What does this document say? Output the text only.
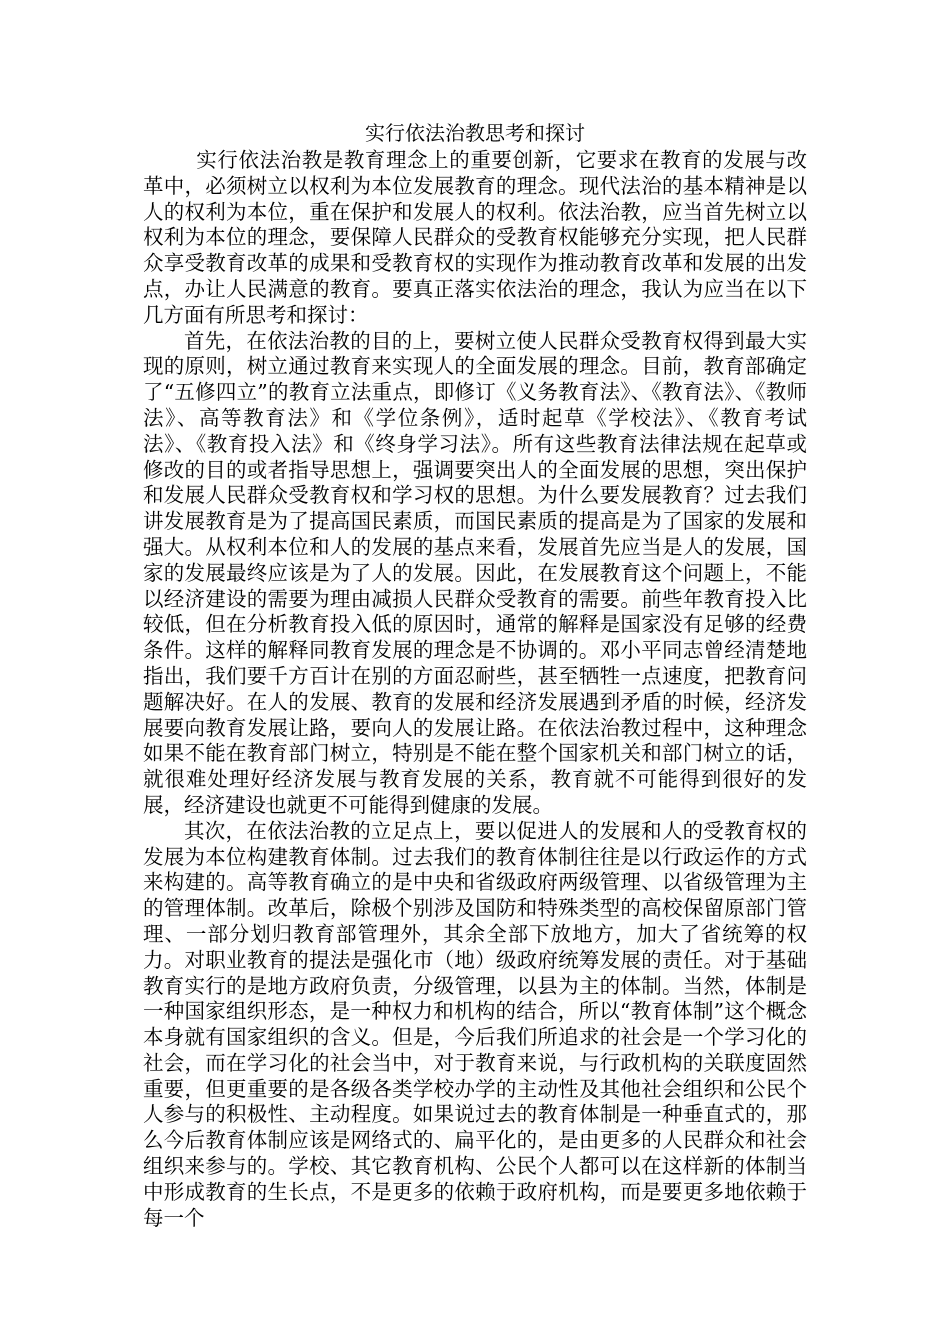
实行依法治教思考和探讨

实行依法治教是教育理念上的重要创新，它要求在教育的发展与改革中，必须树立以权利为本位发展教育的理念。现代法治的基本精神是以人的权利为本位，重在保护和发展人的权利。依法治教，应当首先树立以权利为本位的理念，要保障人民群众的受教育权能够充分实现，把人民群众享受教育改革的成果和受教育权的实现作为推动教育改革和发展的出发点，办让人民满意的教育。要真正落实依法治的理念，我认为应当在以下几方面有所思考和探讨：

首先，在依法治教的目的上，要树立使人民群众受教育权得到最大实现的原则，树立通过教育来实现人的全面发展的理念。目前，教育部确定了“五修四立”的教育立法重点，即修订《义务教育法》、《教育法》、《教师法》、高等教育法》和《学位条例》，适时起草《学校法》、《教育考试法》、《教育投入法》和《终身学习法》。所有这些教育法律法规在起草或修改的目的或者指导思想上，强调要突出人的全面发展的思想，突出保护和发展人民群众受教育权和学习权的思想。为什么要发展教育？过去我们讲发展教育是为了提高国民素质，而国民素质的提高是为了国家的发展和强大。从权利本位和人的发展的基点来看，发展首先应当是人的发展，国家的发展最终应该是为了人的发展。因此，在发展教育这个问题上，不能以经济建设的需要为理由减损人民群众受教育的需要。前些年教育投入比较低，但在分析教育投入低的原因时，通常的解释是国家没有足够的经费条件。这样的解释同教育发展的理念是不协调的。邓小平同志曾经清楚地指出，我们要千方百计在别的方面忍耐些，甚至牺牲一点速度，把教育问题解决好。在人的发展、教育的发展和经济发展遇到矛盾的时候，经济发展要向教育发展让路，要向人的发展让路。在依法治教过程中，这种理念如果不能在教育部门树立，特别是不能在整个国家机关和部门树立的话，就很难处理好经济发展与教育发展的关系，教育就不可能得到很好的发展，经济建设也就更不可能得到健康的发展。

其次，在依法治教的立足点上，要以促进人的发展和人的受教育权的发展为本位构建教育体制。过去我们的教育体制往往是以行政运作的方式来构建的。高等教育确立的是中央和省级政府两级管理、以省级管理为主的管理体制。改革后，除极个别涉及国防和特殊类型的高校保留原部门管理、一部分划归教育部管理外，其余全部下放地方，加大了省统筹的权力。对职业教育的提法是强化市（地）级政府统筹发展的责任。对于基础教育实行的是地方政府负责，分级管理，以县为主的体制。当然，体制是一种国家组织形态，是一种权力和机构的结合，所以“教育体制”这个概念本身就有国家组织的含义。但是，今后我们所追求的社会是一个学习化的社会，而在学习化的社会当中，对于教育来说，与行政机构的关联度固然重要，但更重要的是各级各类学校办学的主动性及其他社会组织和公民个人参与的积极性、主动程度。如果说过去的教育体制是一种垂直式的，那么今后教育体制应该是网络式的、扁平化的，是由更多的人民群众和社会组织来参与的。学校、其它教育机构、公民个人都可以在这样新的体制当中形成教育的生长点，不是更多的依赖于政府机构，而是要更多地依赖于每一个
